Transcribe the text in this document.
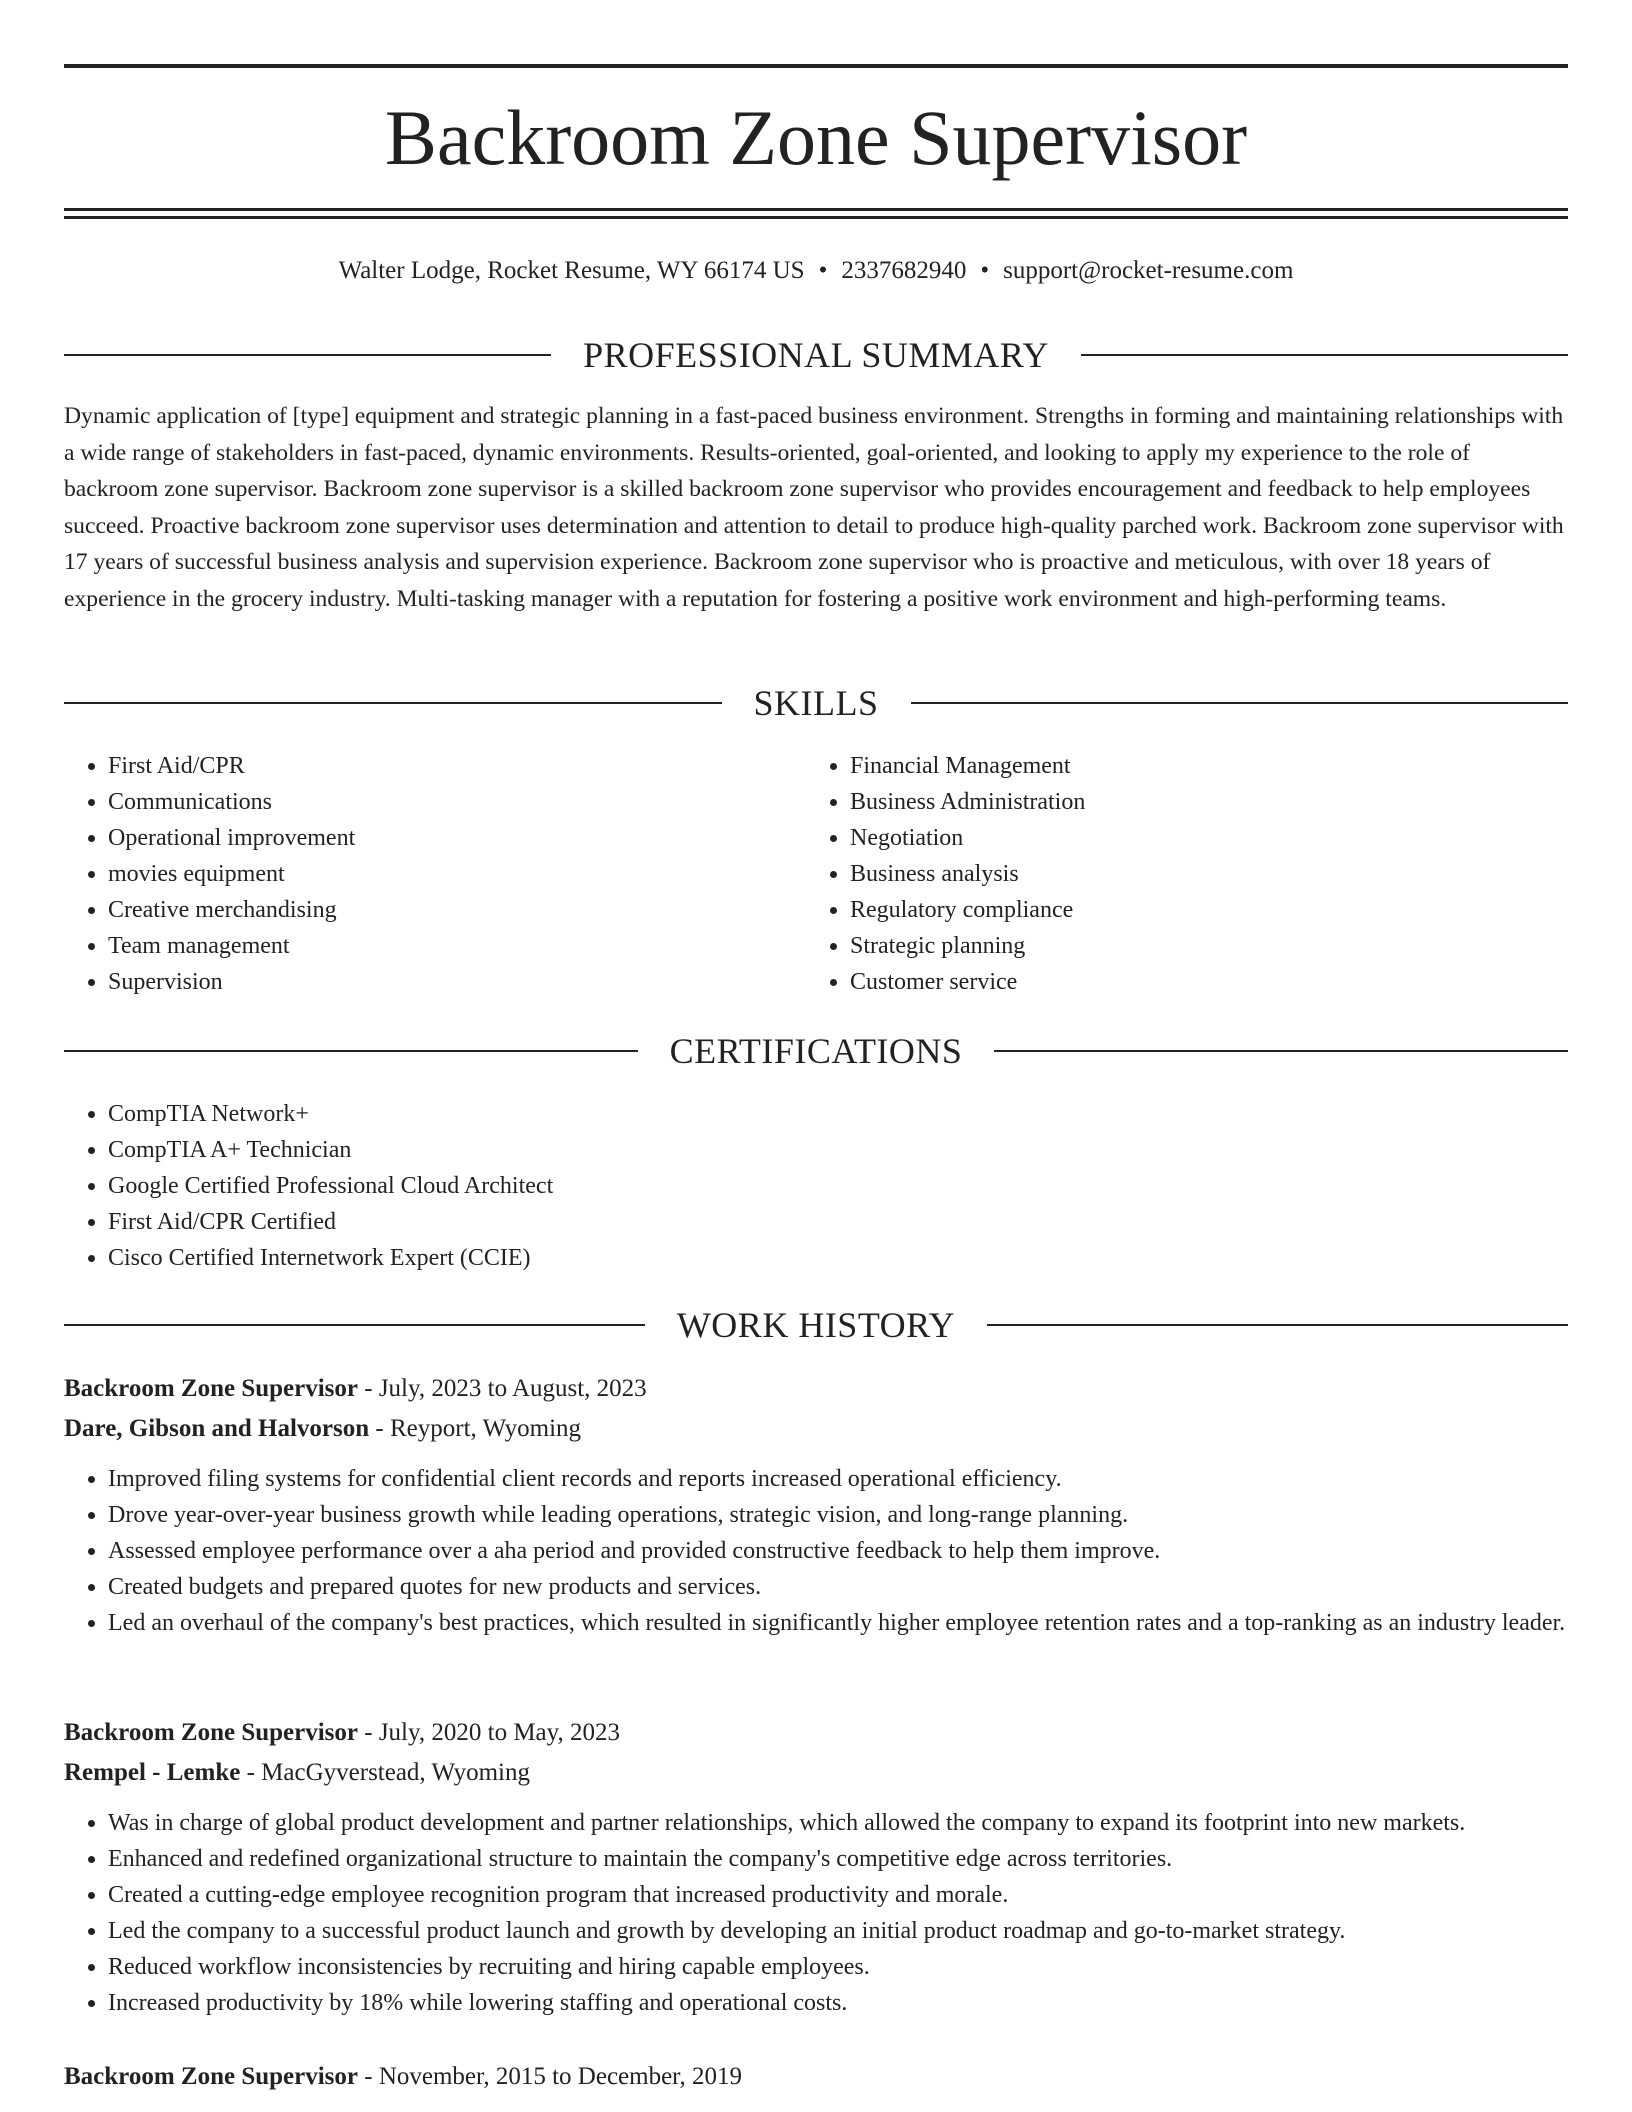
Backroom Zone Supervisor
Walter Lodge, Rocket Resume, WY 66174 US • 2337682940 • support@rocket-resume.com
PROFESSIONAL SUMMARY

Dynamic application of [type] equipment and strategic planning in a fast-paced business environment. Strengths in forming and maintaining relationships with a wide range of stakeholders in fast-paced, dynamic environments. Results-oriented, goal-oriented, and looking to apply my experience to the role of backroom zone supervisor. Backroom zone supervisor is a skilled backroom zone supervisor who provides encouragement and feedback to help employees succeed. Proactive backroom zone supervisor uses determination and attention to detail to produce high-quality parched work. Backroom zone supervisor with 17 years of successful business analysis and supervision experience. Backroom zone supervisor who is proactive and meticulous, with over 18 years of experience in the grocery industry. Multi-tasking manager with a reputation for fostering a positive work environment and high-performing teams.

SKILLS
• First Aid/CPR
• Communications
• Operational improvement
• movies equipment
• Creative merchandising
• Team management
• Supervision
• Financial Management
• Business Administration
• Negotiation
• Business analysis
• Regulatory compliance
• Strategic planning
• Customer service
CERTIFICATIONS
• CompTIA Network+
• CompTIA A+ Technician
• Google Certified Professional Cloud Architect
• First Aid/CPR Certified
• Cisco Certified Internetwork Expert (CCIE)
WORK HISTORY
Backroom Zone Supervisor - July, 2023 to August, 2023
Dare, Gibson and Halvorson - Reyport, Wyoming
• Improved filing systems for confidential client records and reports increased operational efficiency.
• Drove year-over-year business growth while leading operations, strategic vision, and long-range planning.
• Assessed employee performance over a aha period and provided constructive feedback to help them improve.
• Created budgets and prepared quotes for new products and services.
• Led an overhaul of the company's best practices, which resulted in significantly higher employee retention rates and a top-ranking as an industry leader.
Backroom Zone Supervisor - July, 2020 to May, 2023
Rempel - Lemke - MacGyverstead, Wyoming
• Was in charge of global product development and partner relationships, which allowed the company to expand its footprint into new markets.
• Enhanced and redefined organizational structure to maintain the company's competitive edge across territories.
• Created a cutting-edge employee recognition program that increased productivity and morale.
• Led the company to a successful product launch and growth by developing an initial product roadmap and go-to-market strategy.
• Reduced workflow inconsistencies by recruiting and hiring capable employees.
• Increased productivity by 18% while lowering staffing and operational costs.
Backroom Zone Supervisor - November, 2015 to December, 2019
